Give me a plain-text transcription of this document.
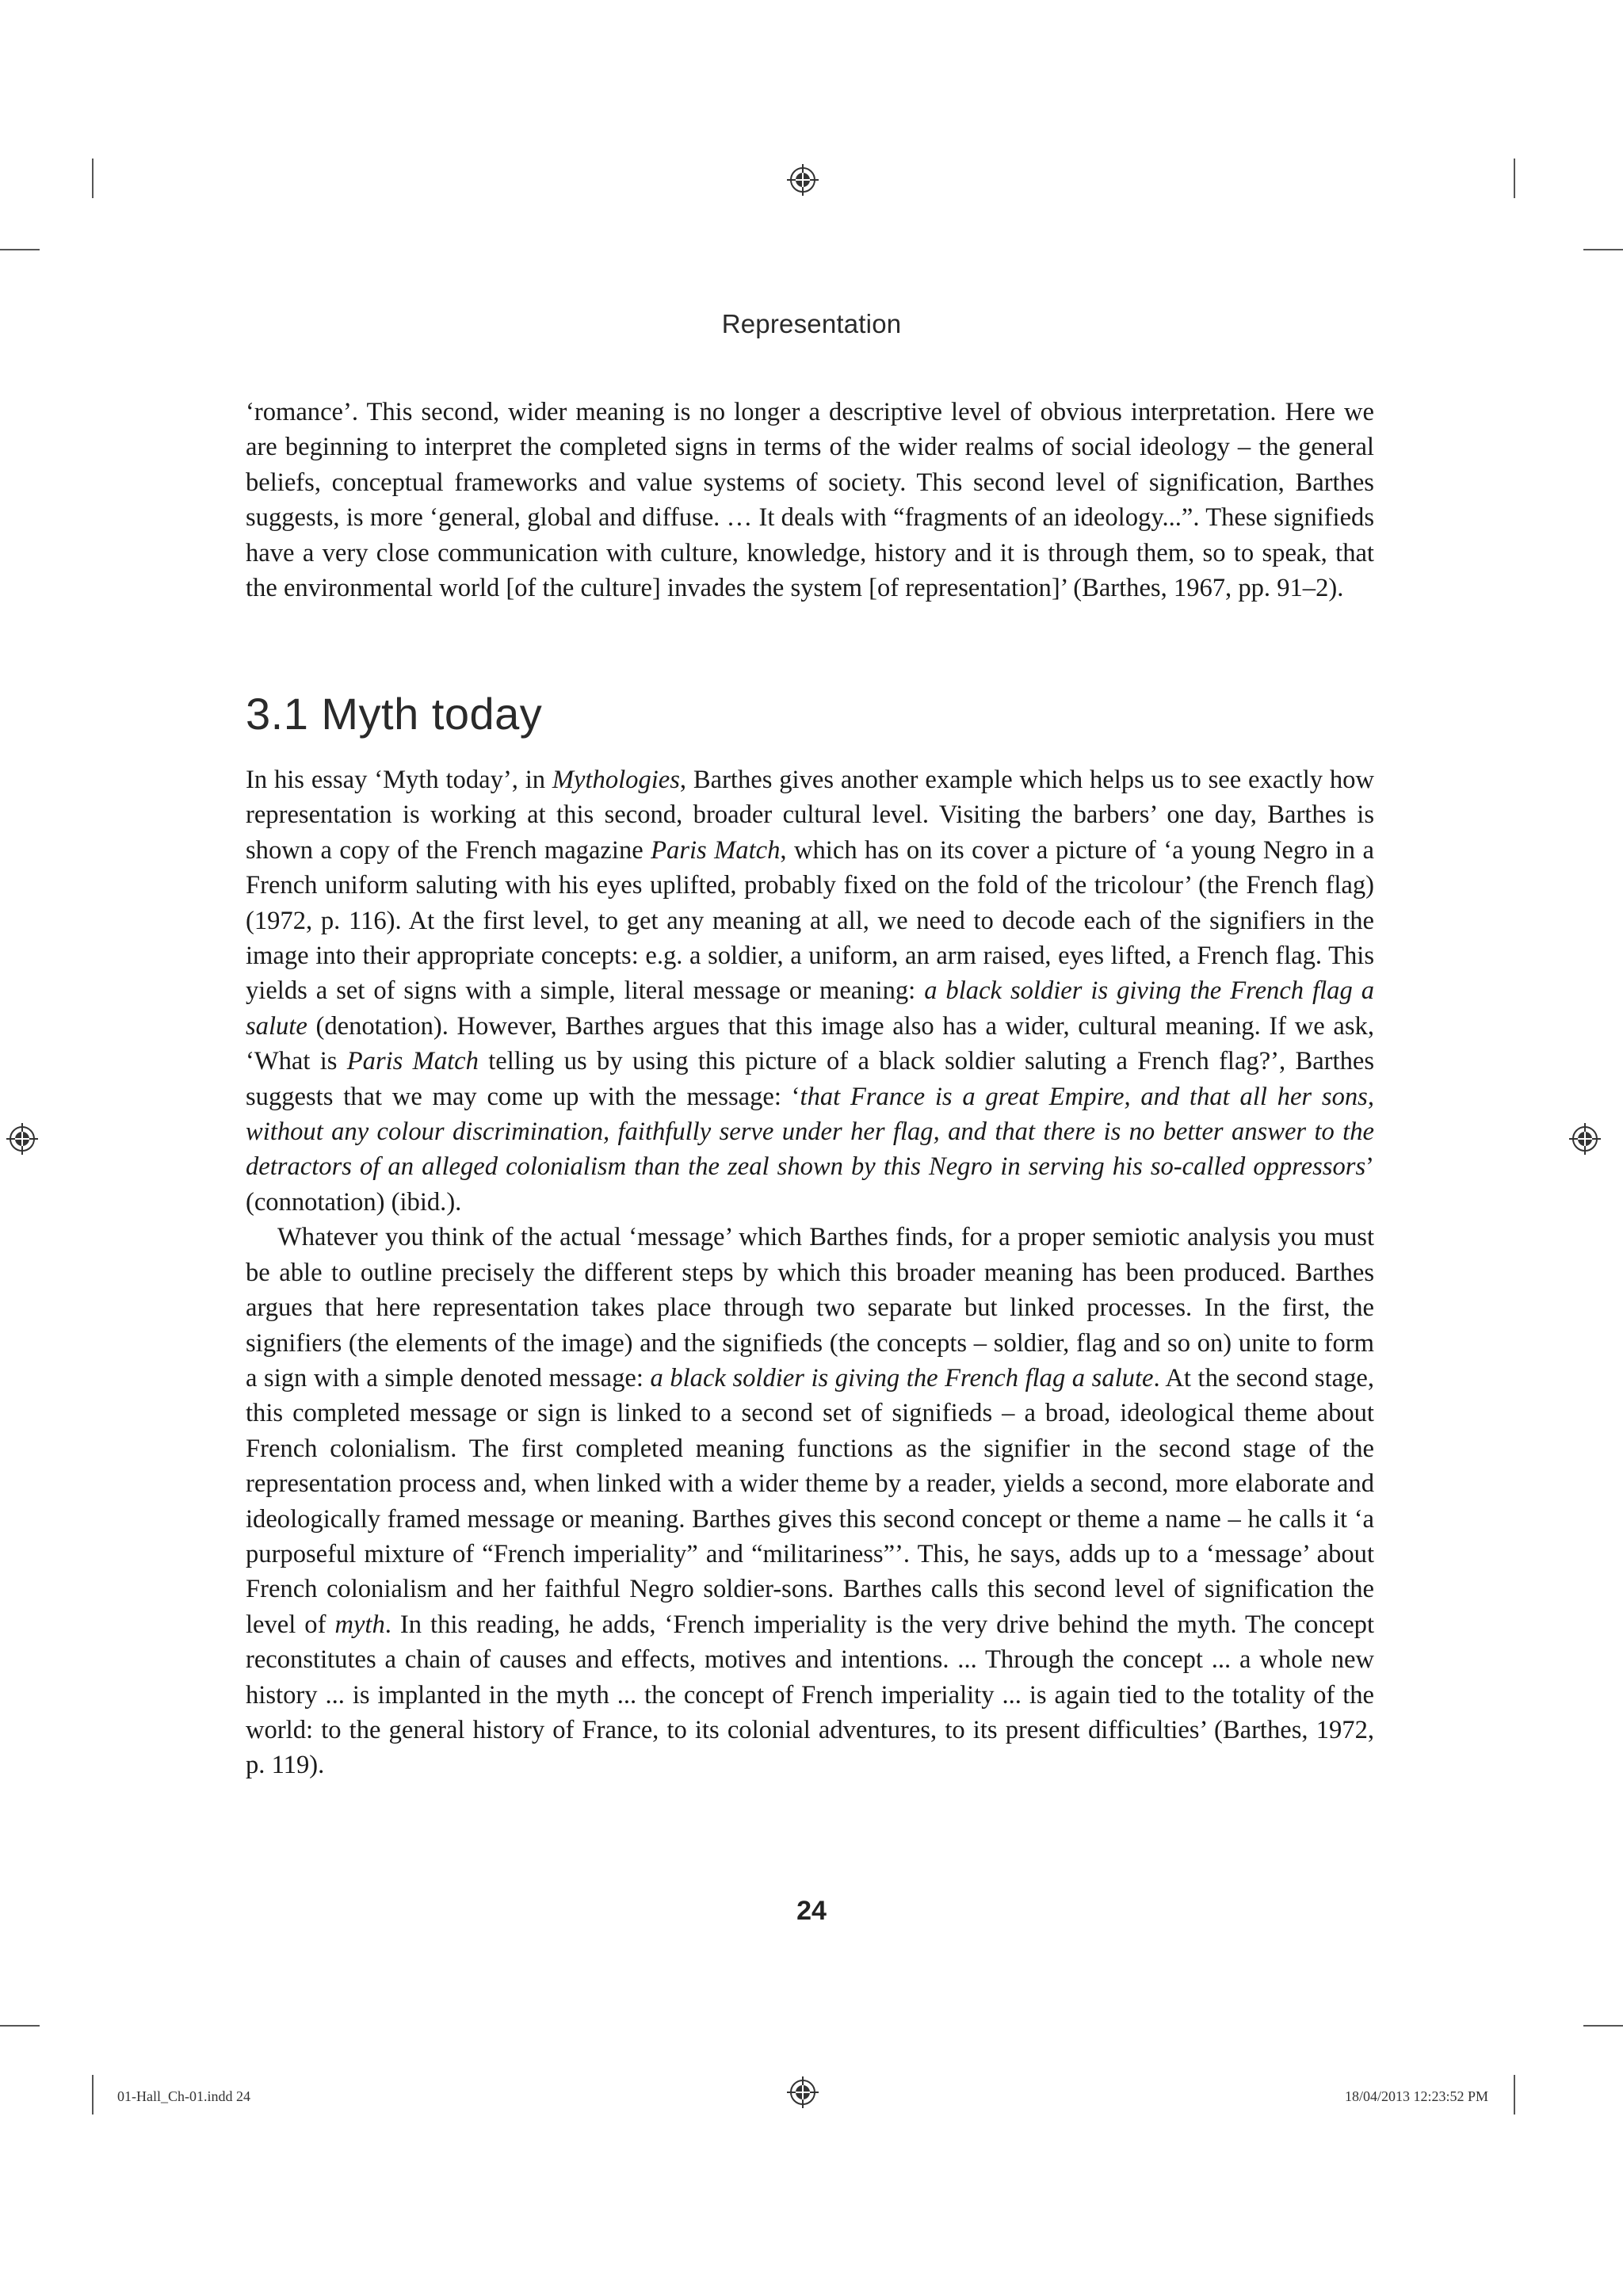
Representation

‘romance’. This second, wider meaning is no longer a descriptive level of obvious interpretation. Here we are beginning to interpret the completed signs in terms of the wider realms of social ideology – the general beliefs, conceptual frameworks and value systems of society. This second level of signification, Barthes suggests, is more ‘general, global and diffuse. … It deals with “fragments of an ideology...”. These signifieds have a very close communication with culture, knowledge, history and it is through them, so to speak, that the environmental world [of the culture] invades the system [of representation]’ (Barthes, 1967, pp. 91–2).

3.1 Myth today

In his essay ‘Myth today’, in Mythologies, Barthes gives another example which helps us to see exactly how representation is working at this second, broader cultural level. Visiting the barbers’ one day, Barthes is shown a copy of the French magazine Paris Match, which has on its cover a picture of ‘a young Negro in a French uniform saluting with his eyes uplifted, probably fixed on the fold of the tricolour’ (the French flag) (1972, p. 116). At the first level, to get any meaning at all, we need to decode each of the signifiers in the image into their appropriate concepts: e.g. a soldier, a uniform, an arm raised, eyes lifted, a French flag. This yields a set of signs with a simple, literal message or meaning: a black soldier is giving the French flag a salute (denotation). However, Barthes argues that this image also has a wider, cultural meaning. If we ask, ‘What is Paris Match telling us by using this picture of a black soldier saluting a French flag?’, Barthes suggests that we may come up with the message: ‘that France is a great Empire, and that all her sons, without any colour discrimination, faithfully serve under her flag, and that there is no better answer to the detractors of an alleged colonialism than the zeal shown by this Negro in serving his so-called oppressors’ (connotation) (ibid.).

Whatever you think of the actual ‘message’ which Barthes finds, for a proper semiotic analysis you must be able to outline precisely the different steps by which this broader meaning has been produced. Barthes argues that here representation takes place through two separate but linked processes. In the first, the signifiers (the elements of the image) and the signifieds (the concepts – soldier, flag and so on) unite to form a sign with a simple denoted message: a black soldier is giving the French flag a salute. At the second stage, this completed message or sign is linked to a second set of signifieds – a broad, ideological theme about French colonialism. The first completed meaning functions as the signifier in the second stage of the representation process and, when linked with a wider theme by a reader, yields a second, more elaborate and ideologically framed message or meaning. Barthes gives this second concept or theme a name – he calls it ‘a purposeful mixture of “French imperiality” and “militariness”’. This, he says, adds up to a ‘message’ about French colonialism and her faithful Negro soldier-sons. Barthes calls this second level of signification the level of myth. In this reading, he adds, ‘French imperiality is the very drive behind the myth. The concept reconstitutes a chain of causes and effects, motives and intentions. ... Through the concept ... a whole new history ... is implanted in the myth ... the concept of French imperiality ... is again tied to the totality of the world: to the general history of France, to its colonial adventures, to its present difficulties’ (Barthes, 1972, p. 119).

24
01-Hall_Ch-01.indd 24	18/04/2013 12:23:52 PM
